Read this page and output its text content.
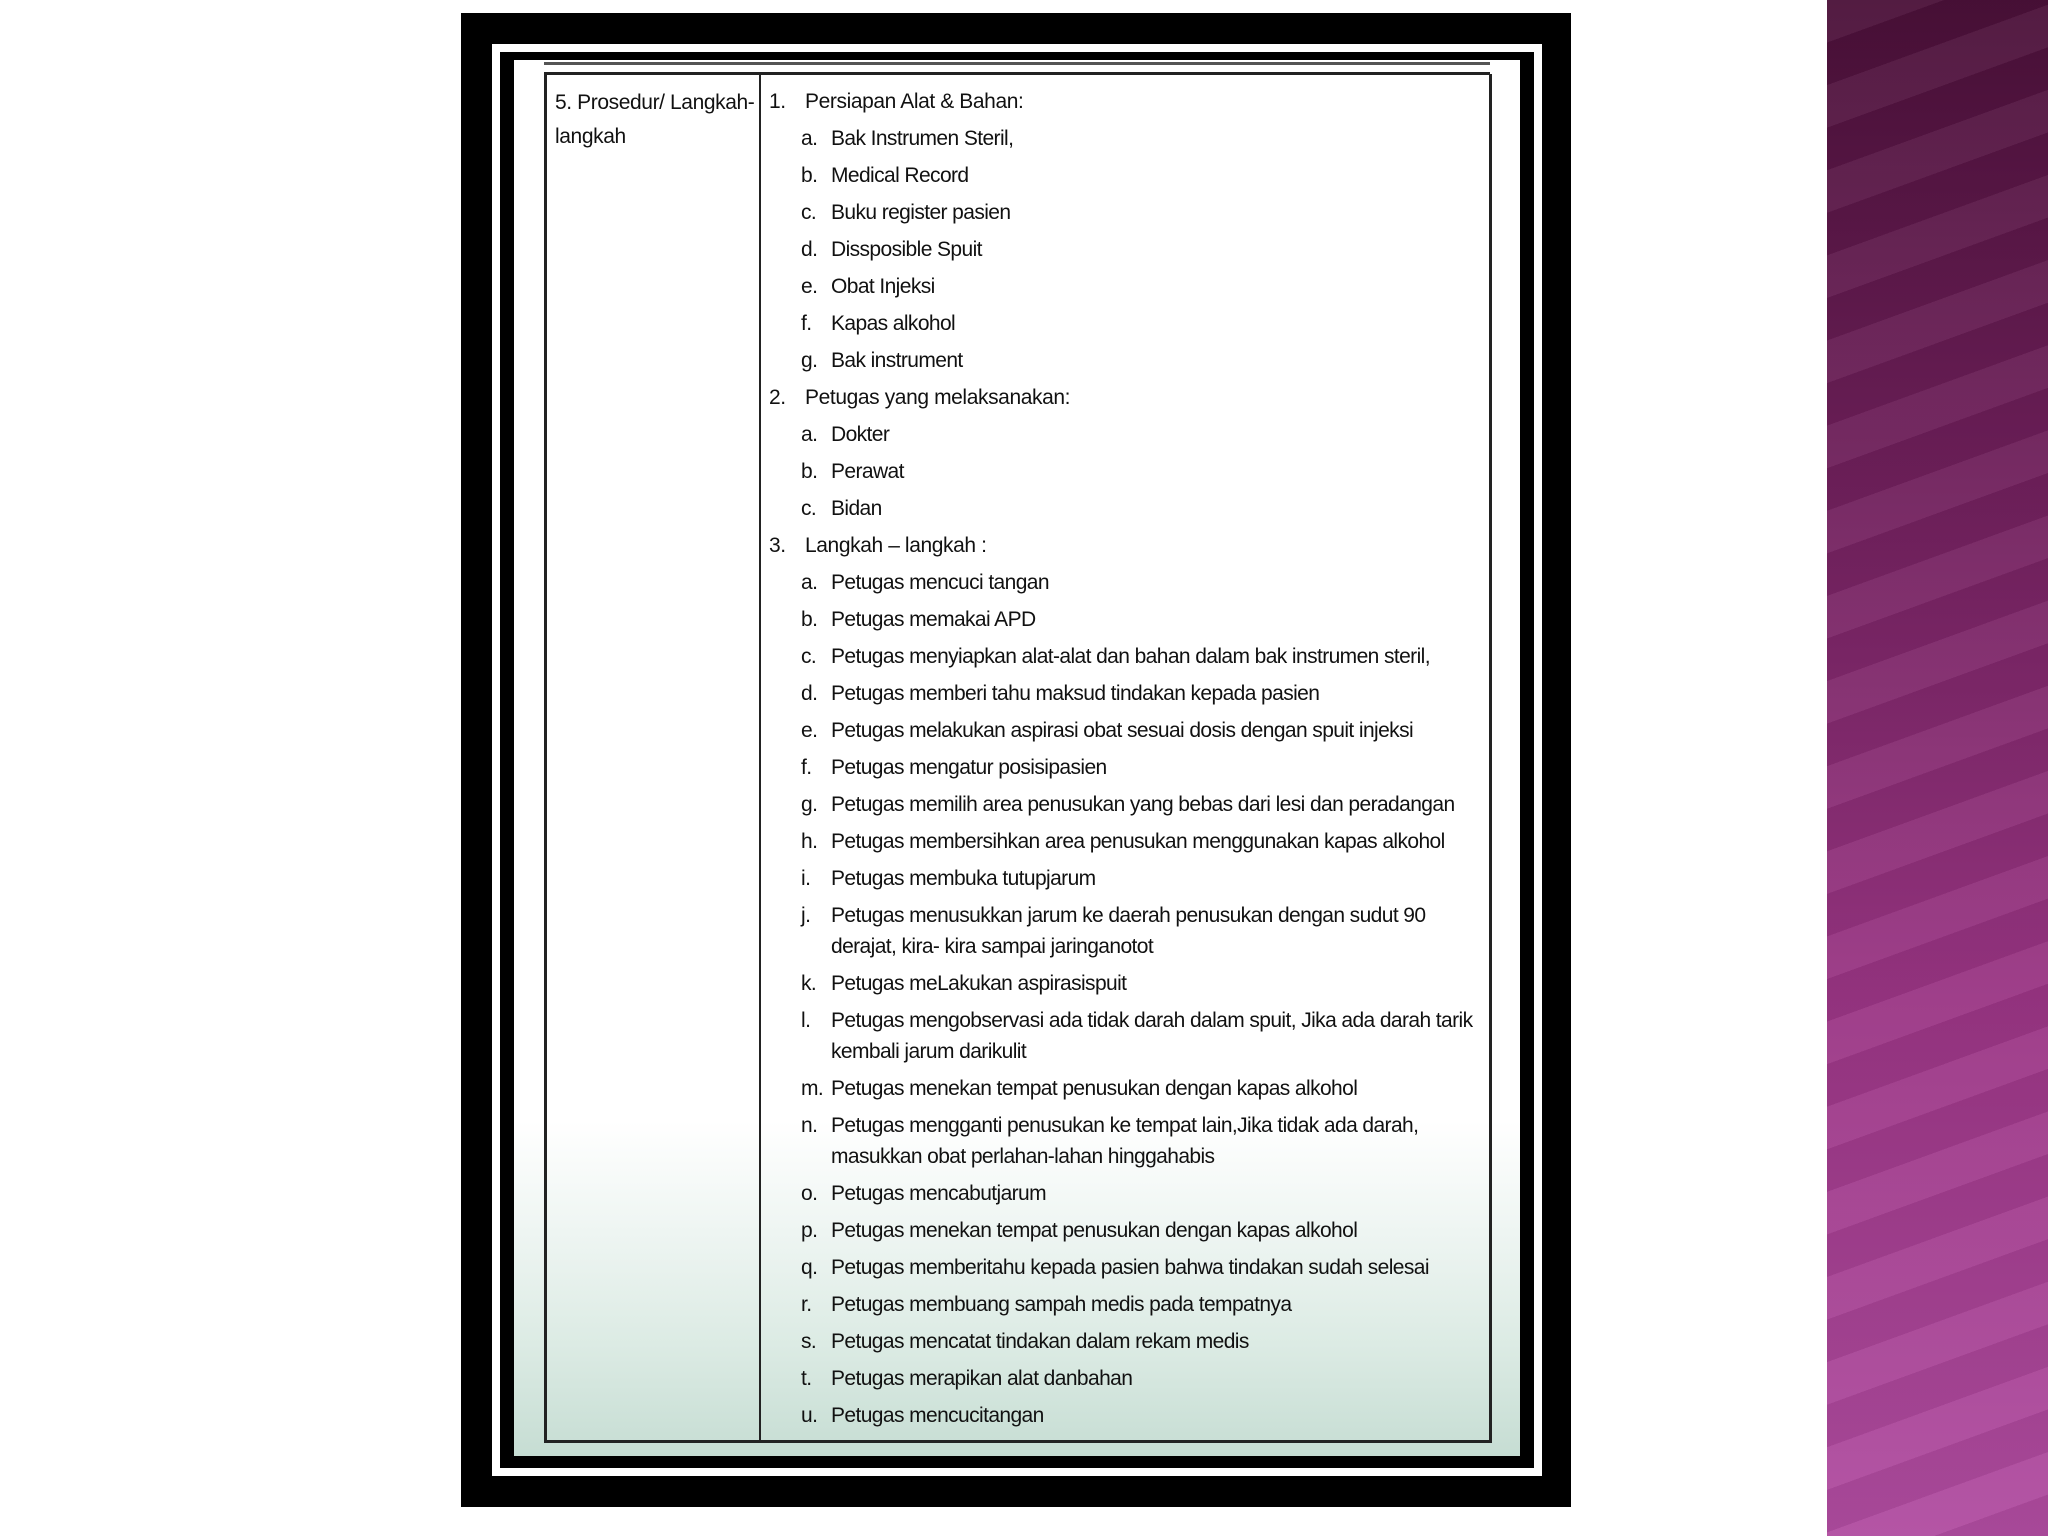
5. Prosedur/ Langkah- langkah
1. Persiapan Alat & Bahan:
a. Bak Instrumen Steril,
b. Medical Record
c. Buku register pasien
d. Dissposible Spuit
e. Obat Injeksi
f. Kapas alkohol
g. Bak instrument
2. Petugas yang melaksanakan:
a. Dokter
b. Perawat
c. Bidan
3. Langkah – langkah :
a. Petugas mencuci tangan
b. Petugas memakai APD
c. Petugas menyiapkan alat-alat dan bahan dalam bak instrumen steril,
d. Petugas memberi tahu maksud tindakan kepada pasien
e. Petugas melakukan aspirasi obat sesuai dosis dengan spuit injeksi
f. Petugas mengatur posisipasien
g. Petugas memilih area penusukan yang bebas dari lesi dan peradangan
h. Petugas membersihkan area penusukan menggunakan kapas alkohol
i. Petugas membuka tutupjarum
j. Petugas menusukkan jarum ke daerah penusukan dengan sudut 90 derajat, kira- kira sampai jaringanotot
k. Petugas meLakukan aspirasispuit
l. Petugas mengobservasi ada tidak darah dalam spuit, Jika ada darah tarik kembali jarum darikulit
m. Petugas menekan tempat penusukan dengan kapas alkohol
n. Petugas mengganti penusukan ke tempat lain,Jika tidak ada darah, masukkan obat perlahan-lahan hinggahabis
o. Petugas mencabutjarum
p. Petugas menekan tempat penusukan dengan kapas alkohol
q. Petugas memberitahu kepada pasien bahwa tindakan sudah selesai
r. Petugas membuang sampah medis pada tempatnya
s. Petugas mencatat tindakan dalam rekam medis
t. Petugas merapikan alat danbahan
u. Petugas mencucitangan
